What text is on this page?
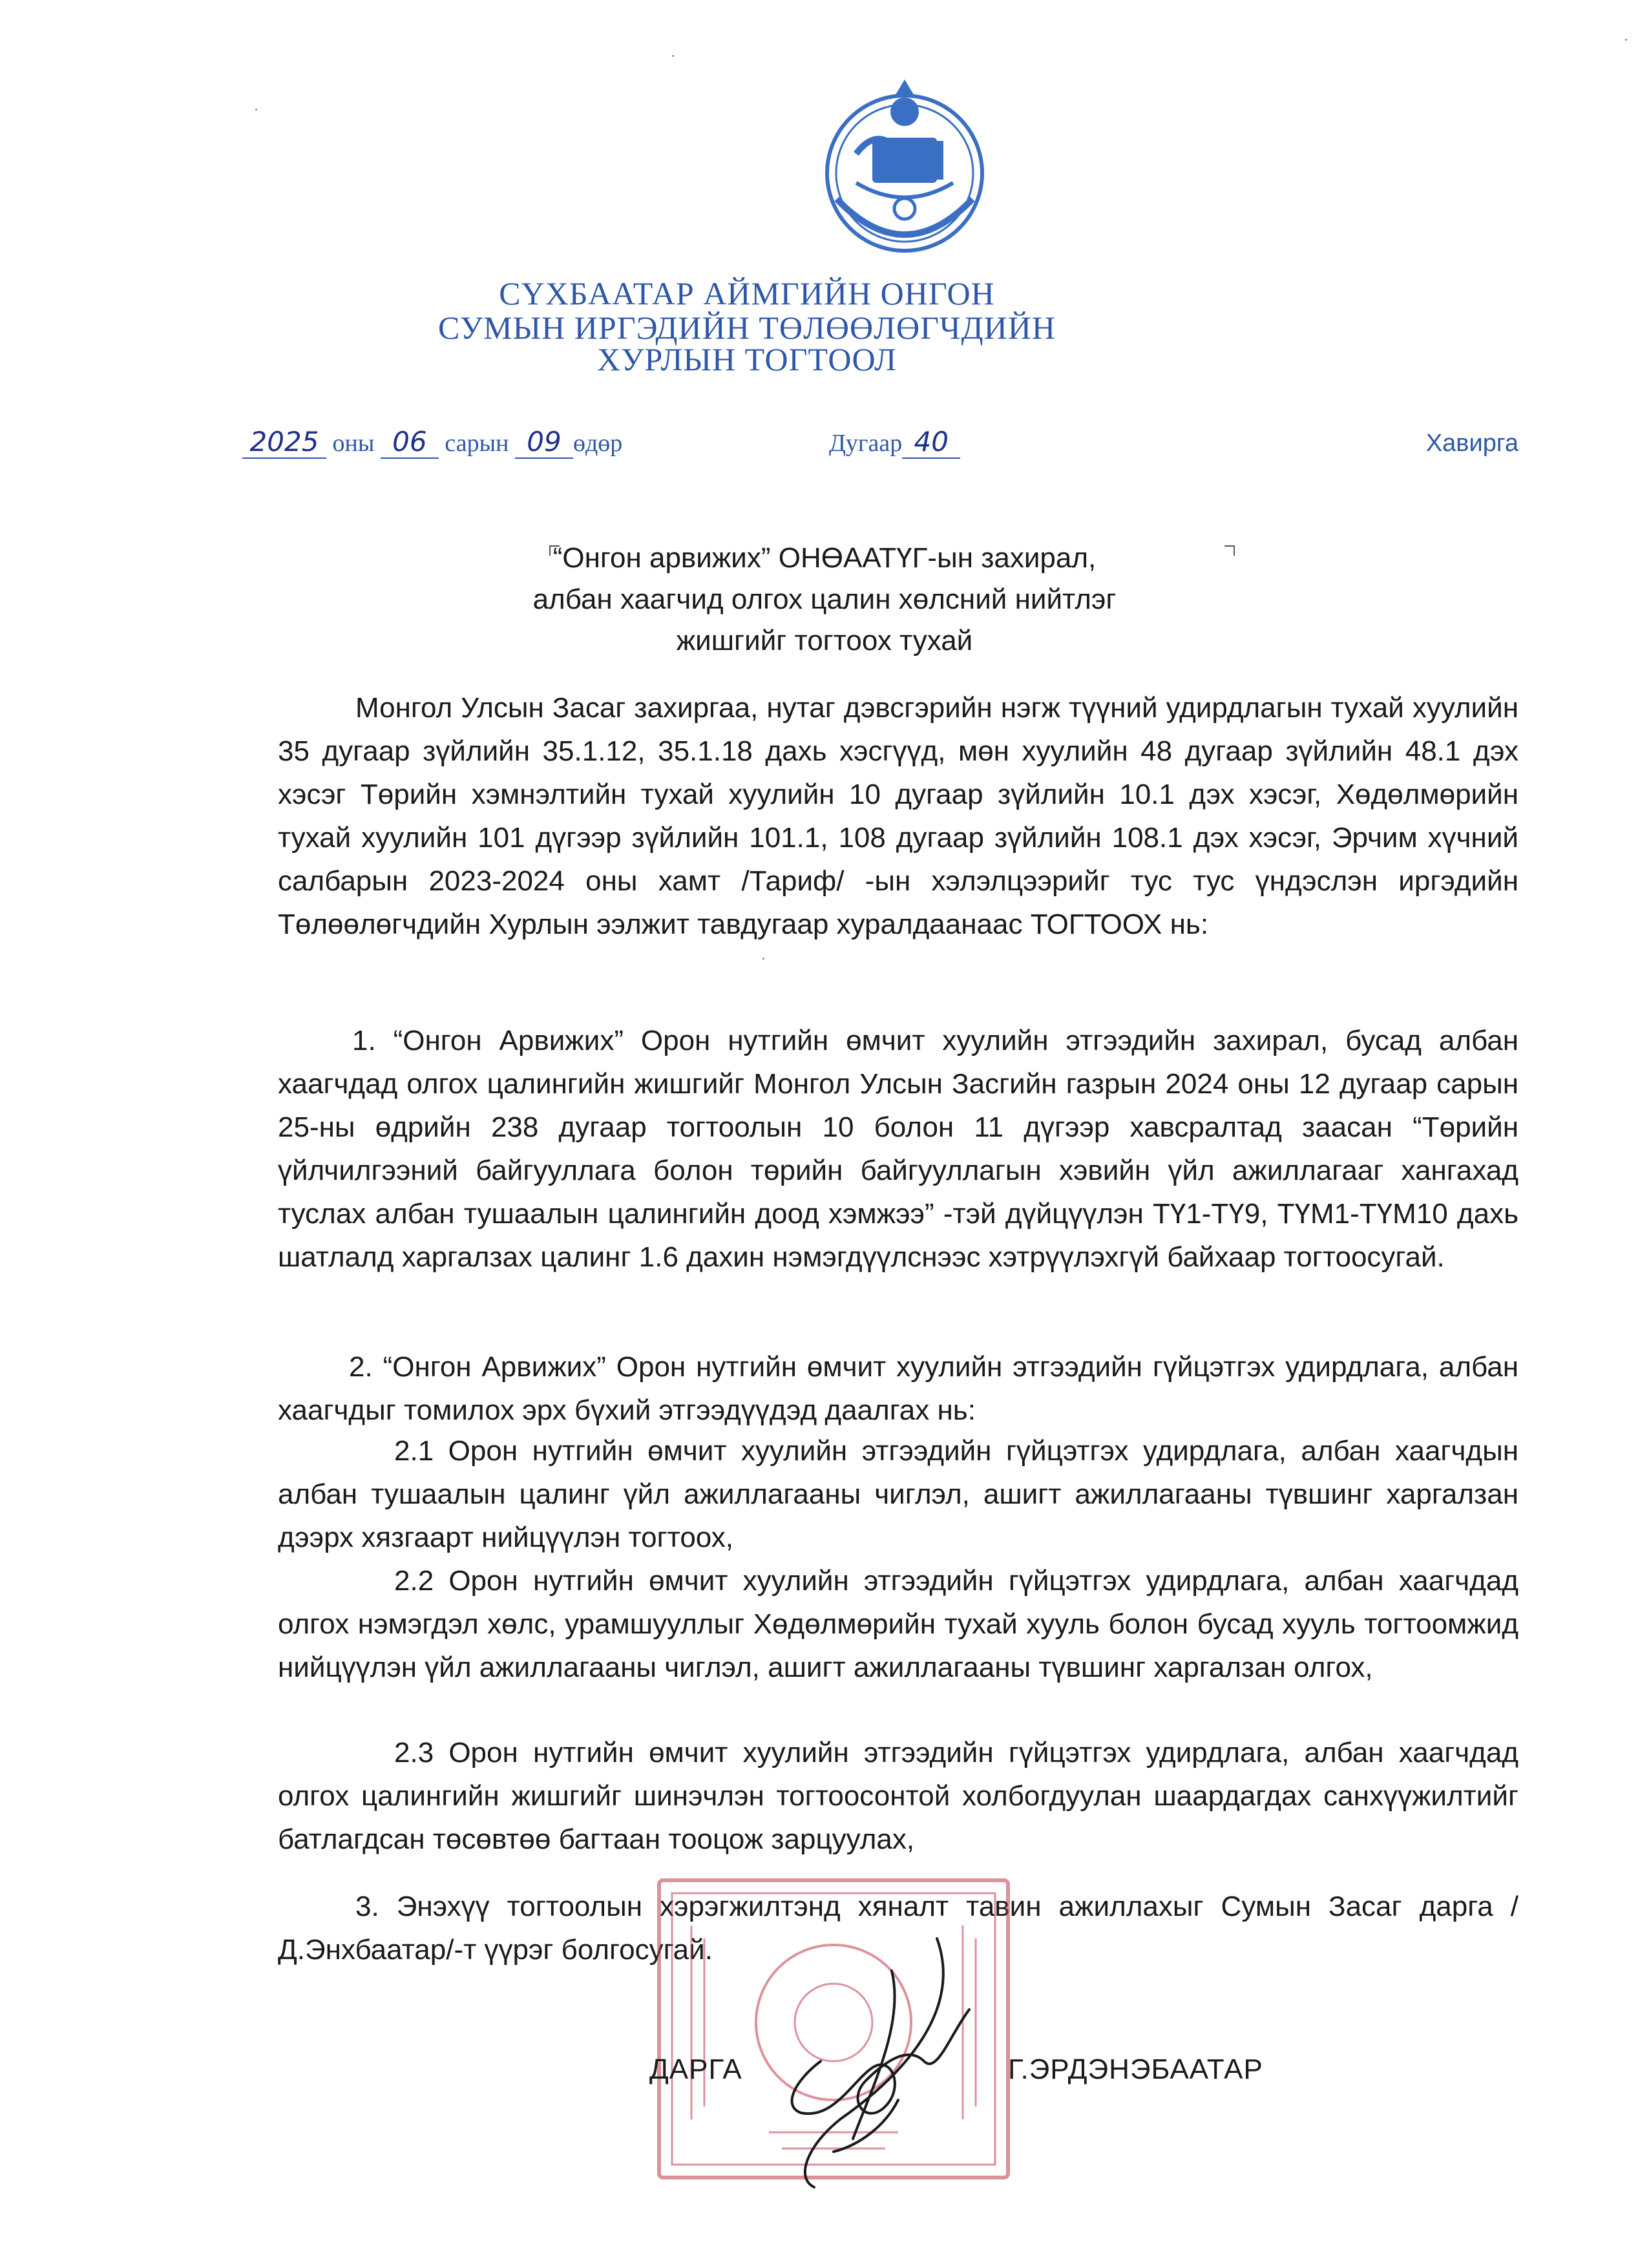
СҮХБААТАР АЙМГИЙН ОНГОН
СУМЫН ИРГЭДИЙН ТӨЛӨӨЛӨГЧДИЙН
ХУРЛЫН ТОГТООЛ
2025 оны 06 сарын 09 өдөр	Дугаар 40	Хавирга
“Онгон арвижих” ОНӨААТҮГ-ын захирал,
албан хаагчид олгох цалин хөлсний нийтлэг
жишгийг тогтоох тухай
Монгол Улсын Засаг захиргаа, нутаг дэвсгэрийн нэгж түүний удирдлагын тухай хуулийн 35 дугаар зүйлийн 35.1.12, 35.1.18 дахь хэсгүүд, мөн хуулийн 48 дугаар зүйлийн 48.1 дэх хэсэг Төрийн хэмнэлтийн тухай хуулийн 10 дугаар зүйлийн 10.1 дэх хэсэг, Хөдөлмөрийн тухай хуулийн 101 дүгээр зүйлийн 101.1, 108 дугаар зүйлийн 108.1 дэх хэсэг, Эрчим хүчний салбарын 2023-2024 оны хамт /Тариф/ -ын хэлэлцээрийг тус тус үндэслэн иргэдийн Төлөөлөгчдийн Хурлын ээлжит тавдугаар хуралдаанаас ТОГТООХ нь:
1. “Онгон Арвижих” Орон нутгийн өмчит хуулийн этгээдийн захирал, бусад албан хаагчдад олгох цалингийн жишгийг Монгол Улсын Засгийн газрын 2024 оны 12 дугаар сарын 25-ны өдрийн 238 дугаар тогтоолын 10 болон 11 дүгээр хавсралтад заасан “Төрийн үйлчилгээний байгууллага болон төрийн байгууллагын хэвийн үйл ажиллагааг хангахад туслах албан тушаалын цалингийн доод хэмжээ” -тэй дүйцүүлэн ТҮ1-ТҮ9, ТҮМ1-ТҮМ10 дахь шатлалд харгалзах цалинг 1.6 дахин нэмэгдүүлснээс хэтрүүлэхгүй байхаар тогтоосугай.
2. “Онгон Арвижих” Орон нутгийн өмчит хуулийн этгээдийн гүйцэтгэх удирдлага, албан хаагчдыг томилох эрх бүхий этгээдүүдэд даалгах нь:
2.1 Орон нутгийн өмчит хуулийн этгээдийн гүйцэтгэх удирдлага, албан хаагчдын албан тушаалын цалинг үйл ажиллагааны чиглэл, ашигт ажиллагааны түвшинг харгалзан дээрх хязгаарт нийцүүлэн тогтоох,
2.2 Орон нутгийн өмчит хуулийн этгээдийн гүйцэтгэх удирдлага, албан хаагчдад олгох нэмэгдэл хөлс, урамшууллыг Хөдөлмөрийн тухай хууль болон бусад хууль тогтоомжид нийцүүлэн үйл ажиллагааны чиглэл, ашигт ажиллагааны түвшинг харгалзан олгох,
2.3 Орон нутгийн өмчит хуулийн этгээдийн гүйцэтгэх удирдлага, албан хаагчдад олгох цалингийн жишгийг шинэчлэн тогтоосонтой холбогдуулан шаардагдах санхүүжилтийг батлагдсан төсөвтөө багтаан тооцож зарцуулах,
3. Энэхүү тогтоолын хэрэгжилтэнд хяналт тавин ажиллахыг Сумын Засаг дарга /Д.Энхбаатар/-т үүрэг болгосугай.
ДАРГА	Г.ЭРДЭНЭБААТАР
